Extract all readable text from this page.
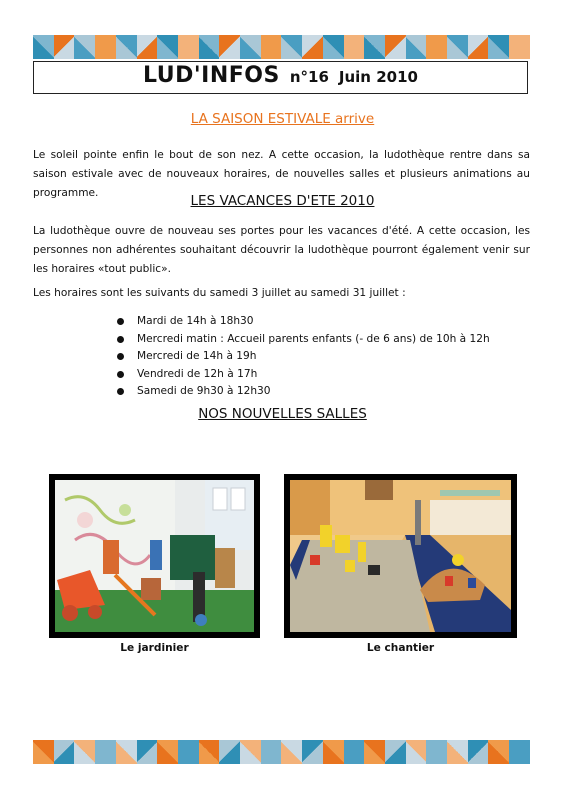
LUD'INFOS n°16 Juin 2010
LA SAISON ESTIVALE arrive
Le soleil pointe enfin le bout de son nez. A cette occasion, la ludothèque rentre dans sa saison estivale avec de nouveaux horaires, de nouvelles salles et plusieurs animations au programme.	LES VACANCES D'ETE 2010
La ludothèque ouvre de nouveau ses portes pour les vacances d'été. A cette occasion, les personnes non adhérentes souhaitant découvrir la ludothèque pourront également venir sur les horaires «tout public».
Les horaires sont les suivants du samedi 3 juillet au samedi 31 juillet :
Mardi de 14h à 18h30
Mercredi matin : Accueil parents enfants (- de 6 ans) de 10h à 12h
Mercredi de 14h à 19h
Vendredi de 12h à 17h
Samedi de 9h30 à 12h30
NOS NOUVELLES SALLES
Le jardinier	Le chantier
